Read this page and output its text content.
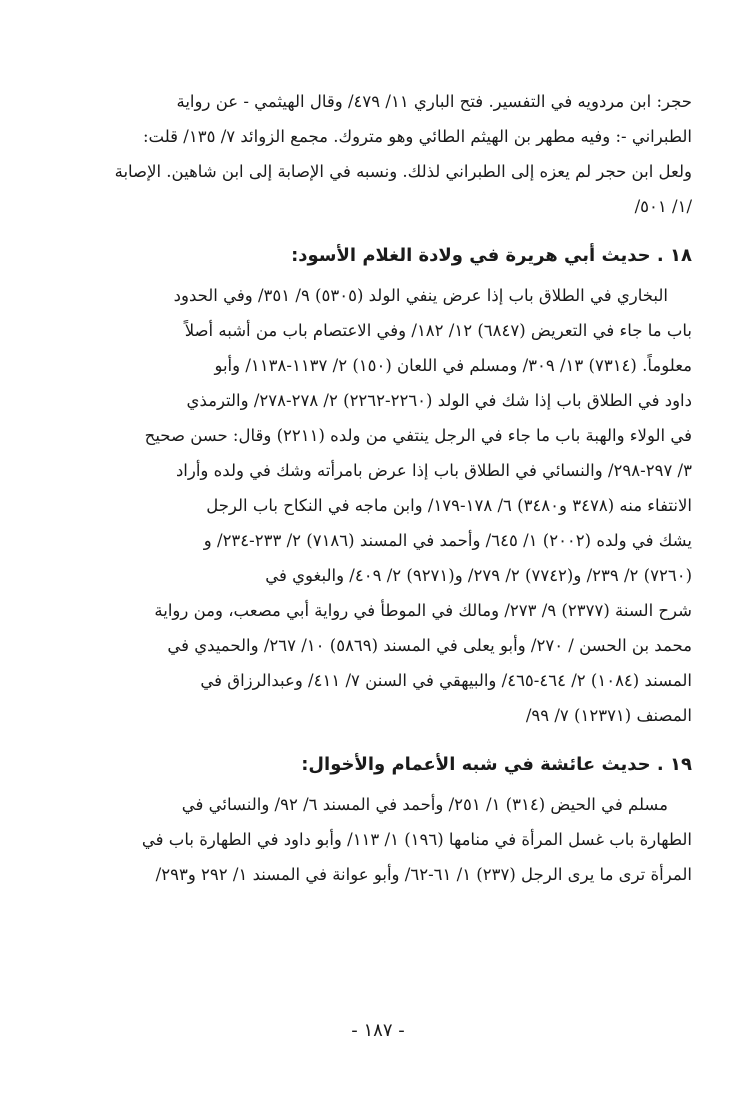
حجر: ابن مردويه في التفسير. فتح الباري ١١/ ٤٧٩/ وقال الهيثمي - عن رواية
الطبراني -: وفيه مطهر بن الهيثم الطائي وهو متروك. مجمع الزوائد ٧/ ١٣٥/ قلت:
ولعل ابن حجر لم يعزه إلى الطبراني لذلك. ونسبه في الإصابة إلى ابن شاهين. الإصابة
/١/ ٥٠١/
١٨ . حديث أبي هريرة في ولادة الغلام الأسود:
البخاري في الطلاق باب إذا عرض ينفي الولد (٥٣٠٥) ٩/ ٣٥١/ وفي الحدود
باب ما جاء في التعريض (٦٨٤٧) ١٢/ ١٨٢/ وفي الاعتصام باب من أشبه أصلاً
معلوماً. (٧٣١٤) ١٣/ ٣٠٩/ ومسلم في اللعان (١٥٠) ٢/ ١١٣٧-١١٣٨/ وأبو
داود في الطلاق باب إذا شك في الولد (٢٢٦٠-٢٢٦٢) ٢/ ٢٧٨-٢٧٨/ والترمذي
في الولاء والهبة باب ما جاء في الرجل ينتفي من ولده (٢٢١١) وقال: حسن صحيح
٣/ ٢٩٧-٢٩٨/ والنسائي في الطلاق باب إذا عرض بامرأته وشك في ولده وأراد
الانتفاء منه (٣٤٧٨ و٣٤٨٠) ٦/ ١٧٨-١٧٩/ وابن ماجه في النكاح باب الرجل
يشك في ولده (٢٠٠٢) ١/ ٦٤٥/ وأحمد في المسند (٧١٨٦) ٢/ ٢٣٣-٢٣٤/ و
(٧٢٦٠) ٢/ ٢٣٩/ و(٧٧٤٢) ٢/ ٢٧٩/ و(٩٢٧١) ٢/ ٤٠٩/ والبغوي في
شرح السنة (٢٣٧٧) ٩/ ٢٧٣/ ومالك في الموطأ في رواية أبي مصعب، ومن رواية
محمد بن الحسن / ٢٧٠/ وأبو يعلى في المسند (٥٨٦٩) ١٠/ ٢٦٧/ والحميدي في
المسند (١٠٨٤) ٢/ ٤٦٤-٤٦٥/ والبيهقي في السنن ٧/ ٤١١/ وعبدالرزاق في
المصنف (١٢٣٧١) ٧/ ٩٩/
١٩ . حديث عائشة في شبه الأعمام والأخوال:
مسلم في الحيض (٣١٤) ١/ ٢٥١/ وأحمد في المسند ٦/ ٩٢/ والنسائي في
الطهارة باب غسل المرأة في منامها (١٩٦) ١/ ١١٣/ وأبو داود في الطهارة باب في
المرأة ترى ما يرى الرجل (٢٣٧) ١/ ٦١-٦٢/ وأبو عوانة في المسند ١/ ٢٩٢ و٢٩٣/
- ١٨٧ -
